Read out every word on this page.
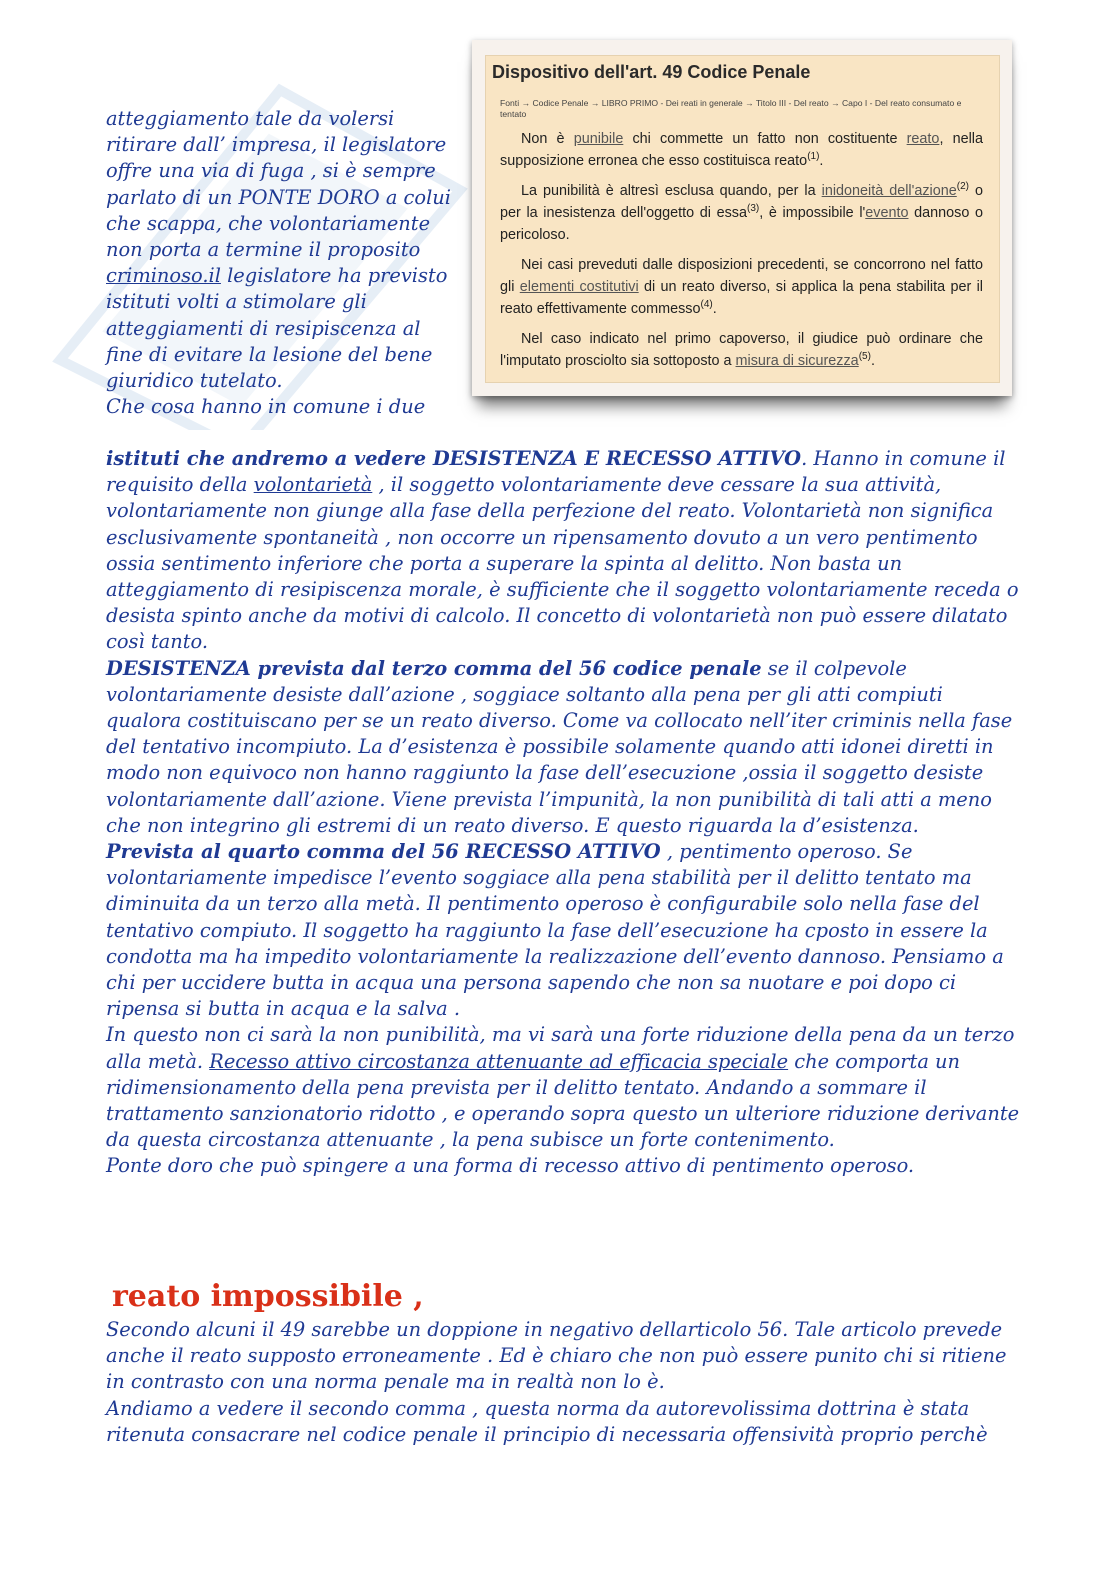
atteggiamento tale da volersi ritirare dall’ impresa, il legislatore offre una via di fuga , si è sempre parlato di un PONTE DORO a colui che scappa, che volontariamente non porta a termine il proposito criminoso.il legislatore ha previsto istituti volti a stimolare gli atteggiamenti di resipiscenza al fine di evitare la lesione del bene giuridico tutelato.

Che cosa hanno in comune i due

Dispositivo dell'art. 49 Codice Penale
Fonti → Codice Penale → LIBRO PRIMO - Dei reati in generale → Titolo III - Del reato → Capo I - Del reato consumato e tentato

Non è punibile chi commette un fatto non costituente reato, nella supposizione erronea che esso costituisca reato$^{(1)}$.

La punibilità è altresì esclusa quando, per la inidoneità dell'azione$^{(2)}$ o per la inesistenza dell'oggetto di essa$^{(3)}$, è impossibile l'evento dannoso o pericoloso.

Nei casi preveduti dalle disposizioni precedenti, se concorrono nel fatto gli elementi costitutivi di un reato diverso, si applica la pena stabilita per il reato effettivamente commesso$^{(4)}$.

Nel caso indicato nel primo capoverso, il giudice può ordinare che l'imputato prosciolto sia sottoposto a misura di sicurezza$^{(5)}$.

istituti che andremo a vedere DESISTENZA E RECESSO ATTIVO. Hanno in comune il requisito della volontarietà , il soggetto volontariamente deve cessare la sua attività, volontariamente non giunge alla fase della perfezione del reato. Volontarietà non significa esclusivamente spontaneità , non occorre un ripensamento dovuto a un vero pentimento ossia sentimento inferiore che porta a superare la spinta al delitto. Non basta un atteggiamento di resipiscenza morale, è sufficiente che il soggetto volontariamente receda o desista spinto anche da motivi di calcolo. Il concetto di volontarietà non può essere dilatato così tanto.

DESISTENZA prevista dal terzo comma del 56 codice penale se il colpevole volontariamente desiste dall’azione , soggiace soltanto alla pena per gli atti compiuti qualora costituiscano per se un reato diverso. Come va collocato nell’iter criminis nella fase del tentativo incompiuto. La d’esistenza è possibile solamente quando atti idonei diretti in modo non equivoco non hanno raggiunto la fase dell’esecuzione ,ossia il soggetto desiste volontariamente dall’azione. Viene prevista l’impunità, la non punibilità di tali atti a meno che non integrino gli estremi di un reato diverso. E questo riguarda la d’esistenza.

Prevista al quarto comma del 56 RECESSO ATTIVO , pentimento operoso. Se volontariamente impedisce l’evento soggiace alla pena stabilità per il delitto tentato ma diminuita da un terzo alla metà. Il pentimento operoso è configurabile solo nella fase del tentativo compiuto. Il soggetto ha raggiunto la fase dell’esecuzione ha cposto in essere la condotta ma ha impedito volontariamente la realizzazione dell’evento dannoso. Pensiamo a chi per uccidere butta in acqua una persona sapendo che non sa nuotare e poi dopo ci ripensa si butta in acqua e la salva .

In questo non ci sarà la non punibilità, ma vi sarà una forte riduzione della pena da un terzo alla metà. Recesso attivo circostanza attenuante ad efficacia speciale che comporta un ridimensionamento della pena prevista per il delitto tentato. Andando a sommare il trattamento sanzionatorio ridotto , e operando sopra questo un ulteriore riduzione derivante da questa circostanza attenuante , la pena subisce un forte contenimento.

Ponte doro che può spingere a una forma di recesso attivo di pentimento operoso.

reato impossibile ,

Secondo alcuni il 49 sarebbe un doppione in negativo dellarticolo 56. Tale articolo prevede anche il reato supposto erroneamente . Ed è chiaro che non può essere punito chi si ritiene in contrasto con una norma penale ma in realtà non lo è.

Andiamo a vedere il secondo comma , questa norma da autorevolissima dottrina è stata ritenuta consacrare nel codice penale il principio di necessaria offensività proprio perchè
